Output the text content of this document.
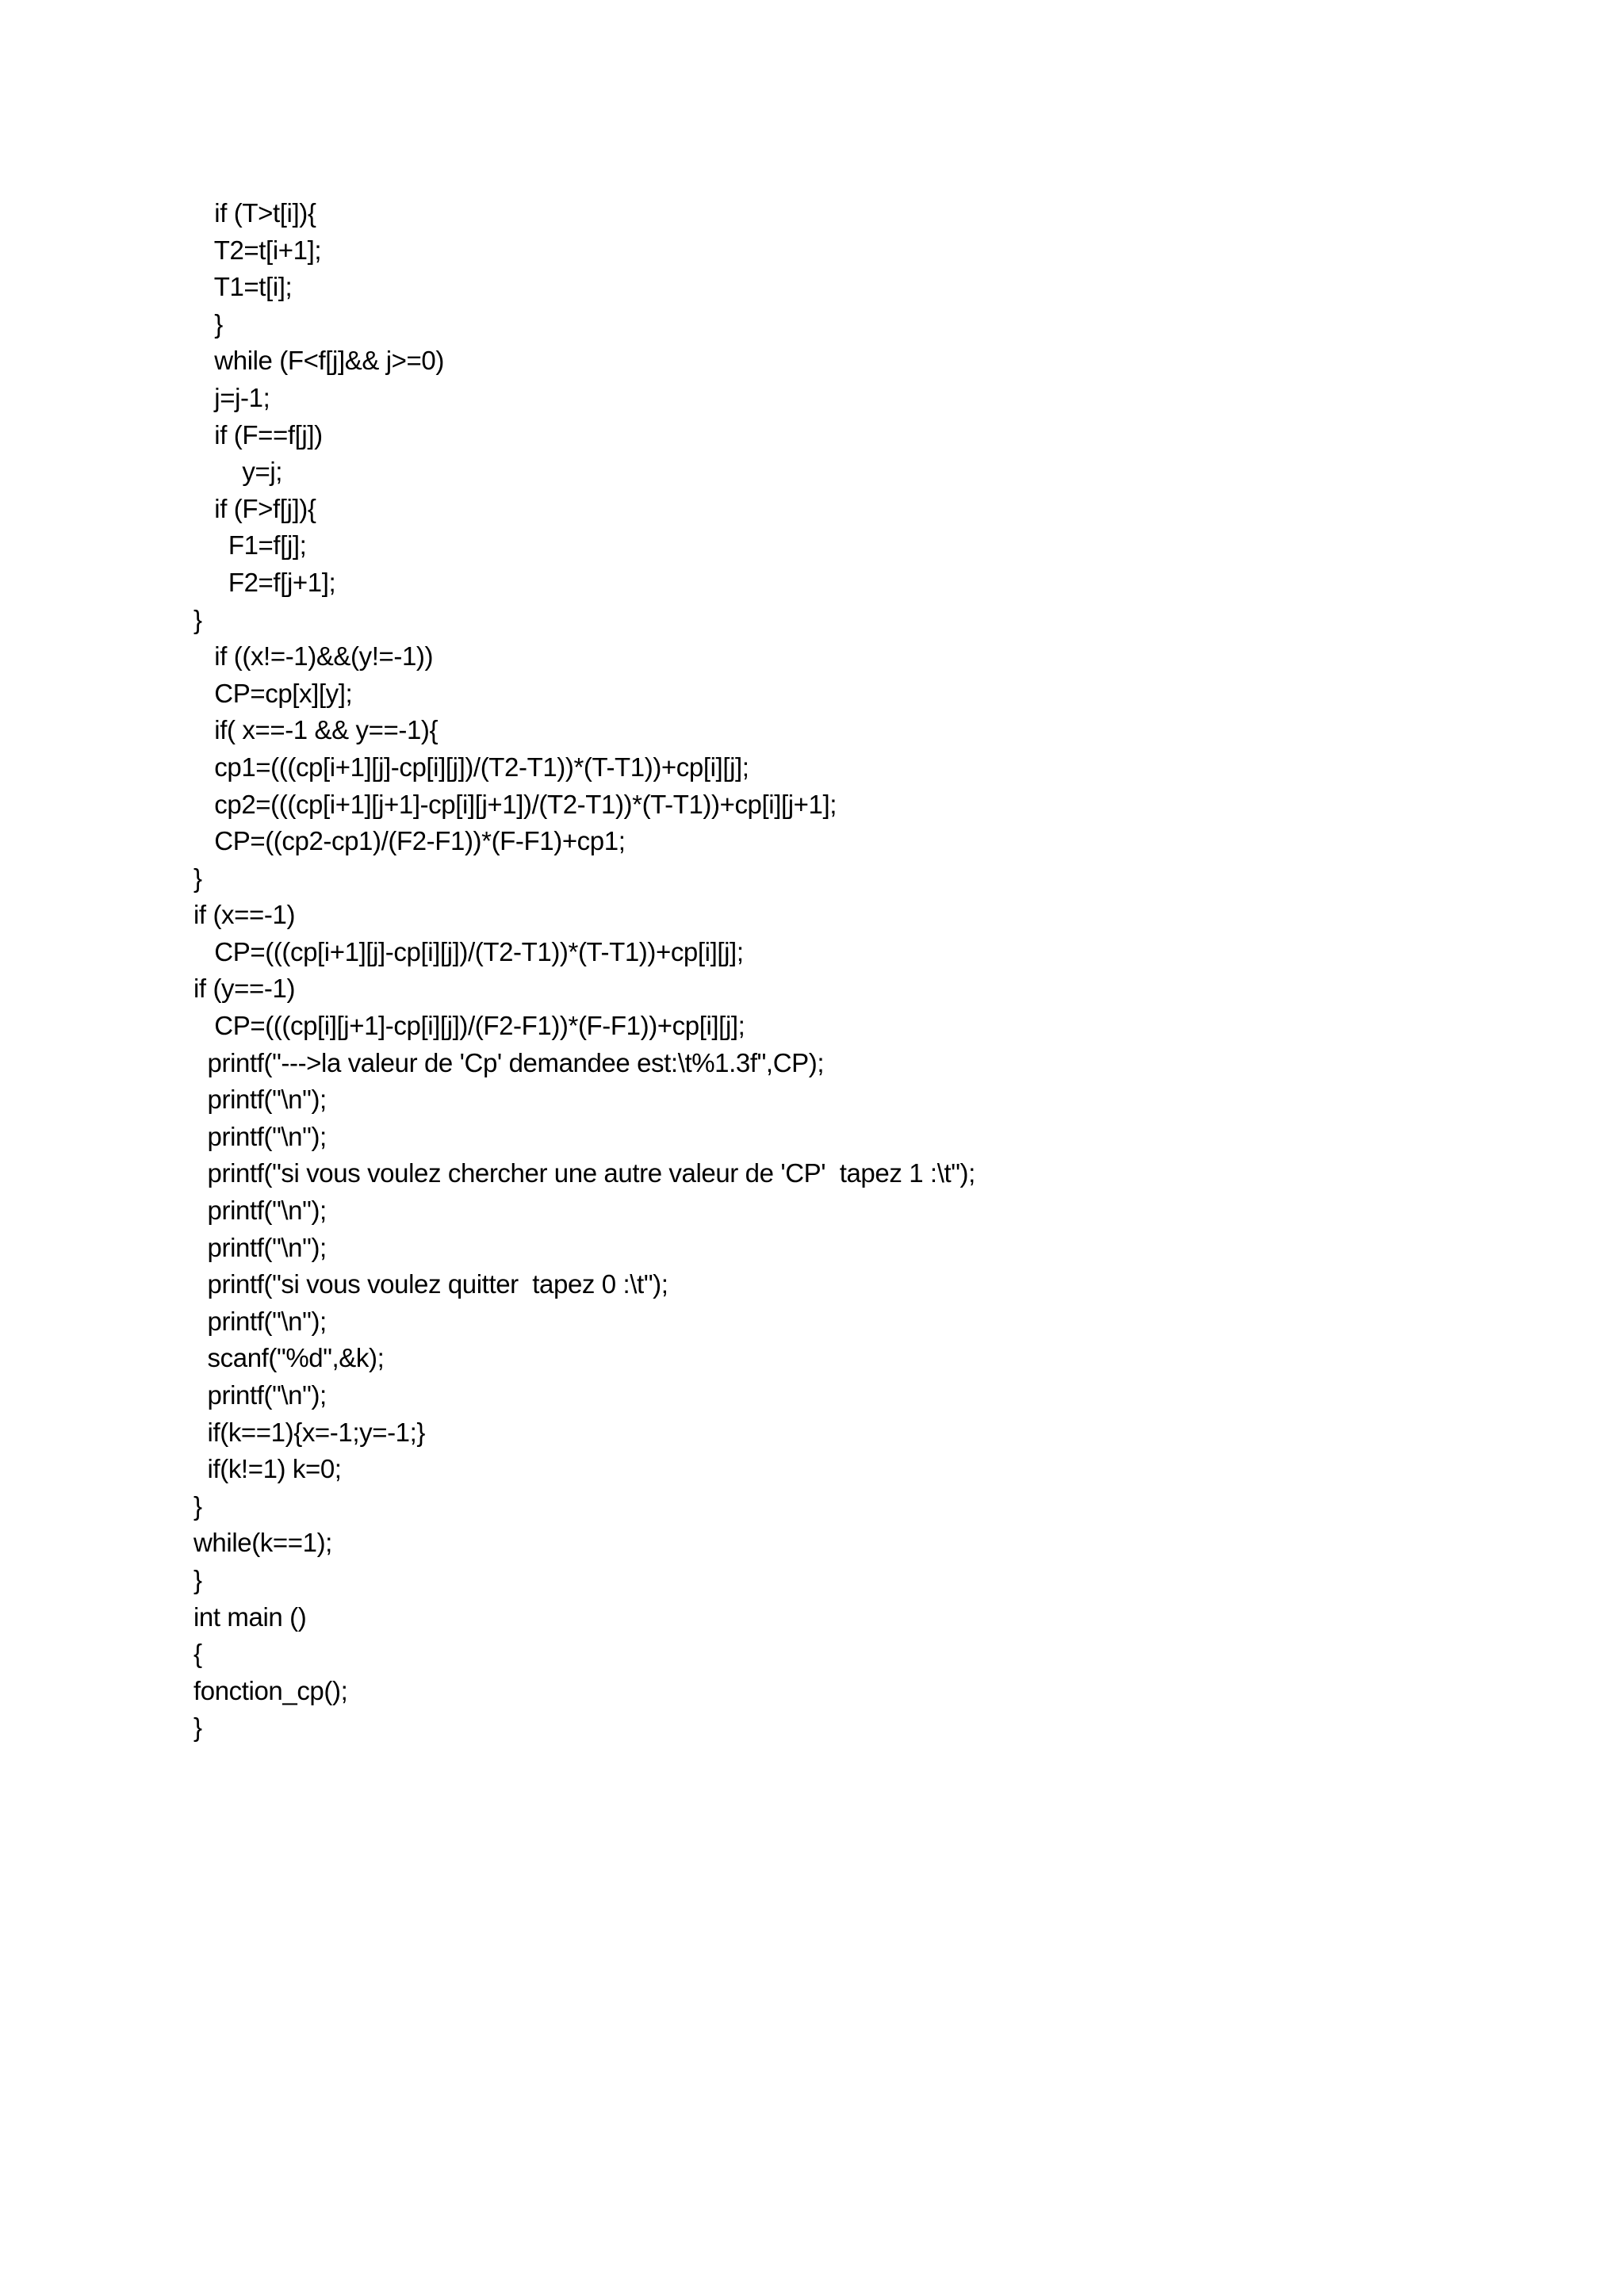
if (T>t[i]){
T2=t[i+1];
T1=t[i];
}
while (F<f[j]&& j>=0)
j=j-1;
if (F==f[j])
y=j;
if (F>f[j]){
F1=f[j];
F2=f[j+1];
}
if ((x!=-1)&&(y!=-1))
CP=cp[x][y];
if( x==-1 && y==-1){
cp1=(((cp[i+1][j]-cp[i][j])/(T2-T1))*(T-T1))+cp[i][j];
cp2=(((cp[i+1][j+1]-cp[i][j+1])/(T2-T1))*(T-T1))+cp[i][j+1];
CP=((cp2-cp1)/(F2-F1))*(F-F1)+cp1;
}
if (x==-1)
CP=(((cp[i+1][j]-cp[i][j])/(T2-T1))*(T-T1))+cp[i][j];
if (y==-1)
CP=(((cp[i][j+1]-cp[i][j])/(F2-F1))*(F-F1))+cp[i][j];
printf("--->la valeur de 'Cp' demandee est:\t%1.3f",CP);
printf("\n");
printf("\n");
printf("si vous voulez chercher une autre valeur de 'CP'  tapez 1 :\t");
printf("\n");
printf("\n");
printf("si vous voulez quitter  tapez 0 :\t");
printf("\n");
scanf("%d",&k);
printf("\n");
if(k==1){x=-1;y=-1;}
if(k!=1) k=0;
}
while(k==1);
}
int main ()
{
fonction_cp();
}
